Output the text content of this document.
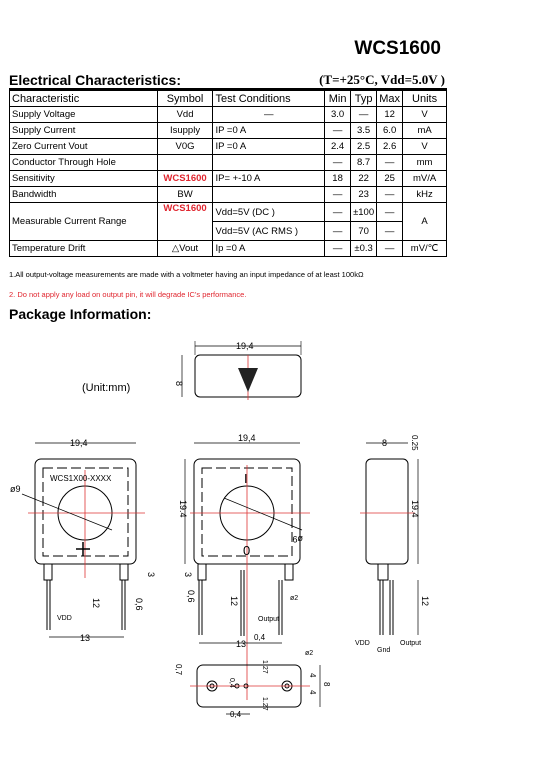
WCS1600
Electrical Characteristics:	(T=+25°C, Vdd=5.0V )
Characteristic	Symbol	Test Conditions	Min	Typ	Max	Units
Supply Voltage	Vdd	—	3.0	—	12	V
Supply Current	Isupply	IP =0 A	—	3.5	6.0	mA
Zero Current Vout	V0G	IP =0 A	2.4	2.5	2.6	V
Conductor Through Hole			—	8.7	—	mm
Sensitivity	WCS1600	IP= +-10 A	18	22	25	mV/A
Bandwidth	BW		—	23	—	kHz
Measurable Current Range	WCS1600	Vdd=5V (DC )	—	±100	—	A
		Vdd=5V (AC RMS )	—	70	—	
Temperature Drift	△Vout	Ip =0 A	—	±0.3	—	mV/℃
1.All output-voltage measurements are made with a voltmeter having an input impedance of at least 100kΩ
2. Do not apply any load on output pin, it will degrade IC's performance.
Package Information:
(Unit:mm)
19,4
8
19,4
ø9
WCS1X00-XXXX
3
12	0,6
VDD
13
19,4
19.4
I
0
ø9
3
0,6	12	ø2
Output
0,4
13
8	0.25
19.4
12
VDD
Gnd
Output
0,7
0,4
1.27
1.27
ø2
4
4
8
0,4
